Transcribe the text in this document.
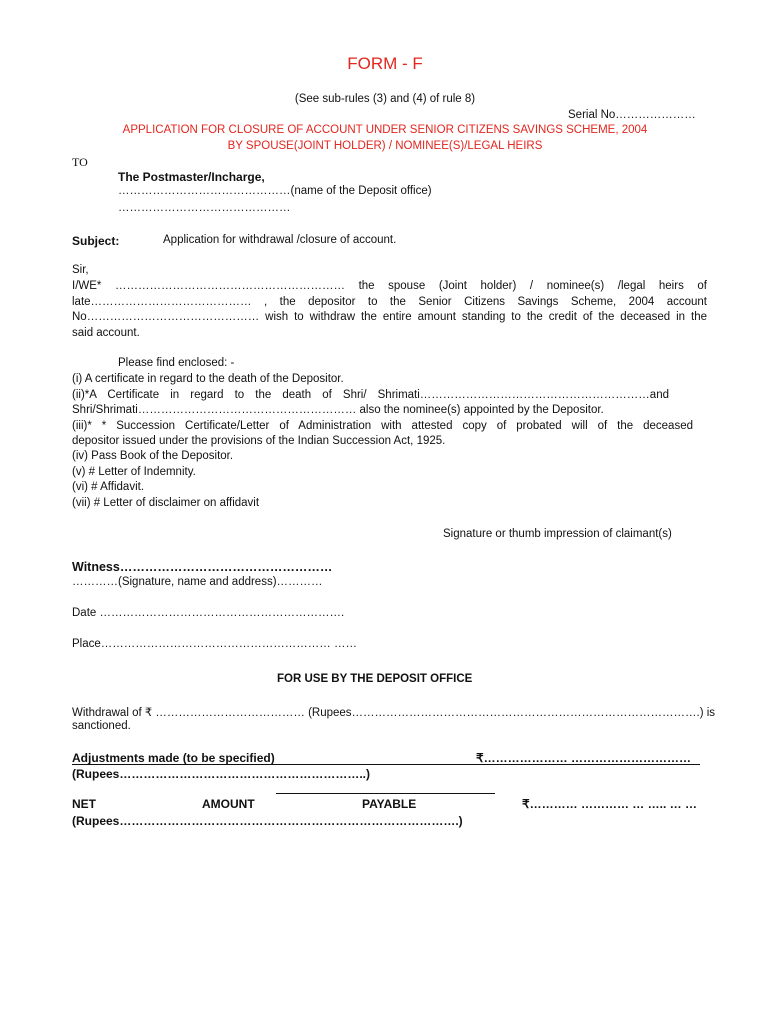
FORM - F
(See sub-rules (3) and (4) of rule 8)
Serial No…………………
APPLICATION FOR CLOSURE OF ACCOUNT UNDER SENIOR CITIZENS SAVINGS SCHEME, 2004
BY SPOUSE(JOINT HOLDER) / NOMINEE(S)/LEGAL HEIRS
TO
The Postmaster/Incharge,
………………………………………(name of the Deposit office)
………………………………………
Subject:	Application for withdrawal /closure of account.
Sir,
I/WE* …………………………………………………… the spouse (Joint holder) / nominee(s) /legal heirs of
late…………………………………… , the depositor to the Senior Citizens Savings Scheme, 2004 account
No……………………………………… wish to withdraw the entire amount standing to the credit of the deceased in the
said account.
Please find enclosed: -
(i) A certificate in regard to the death of the Depositor.
(ii)*A Certificate in regard to the death of Shri/ Shrimati……………………………………………………and
Shri/Shrimati………………………………………………… also the nominee(s) appointed by the Depositor.
(iii)* * Succession Certificate/Letter of Administration with attested copy of probated will of the deceased
depositor issued under the provisions of the Indian Succession Act, 1925.
(iv) Pass Book of the Depositor.
(v) # Letter of Indemnity.
(vi) # Affidavit.
(vii) # Letter of disclaimer on affidavit
Signature or thumb impression of claimant(s)
Witness……………………………………………
…………(Signature, name and address)…………
Date ……………………………………………………….
Place…………………………………………………… ……
FOR USE BY THE DEPOSIT OFFICE
Withdrawal of ₹ ………………………………… (Rupees……………………………………………………………………………….) is
sanctioned.
Adjustments made (to be specified)	₹………………… …………………………
(Rupees……………………………………………………..)
NET	AMOUNT	PAYABLE	₹………… ………… … ….. … …
(Rupees………………………………………………………………………….)
